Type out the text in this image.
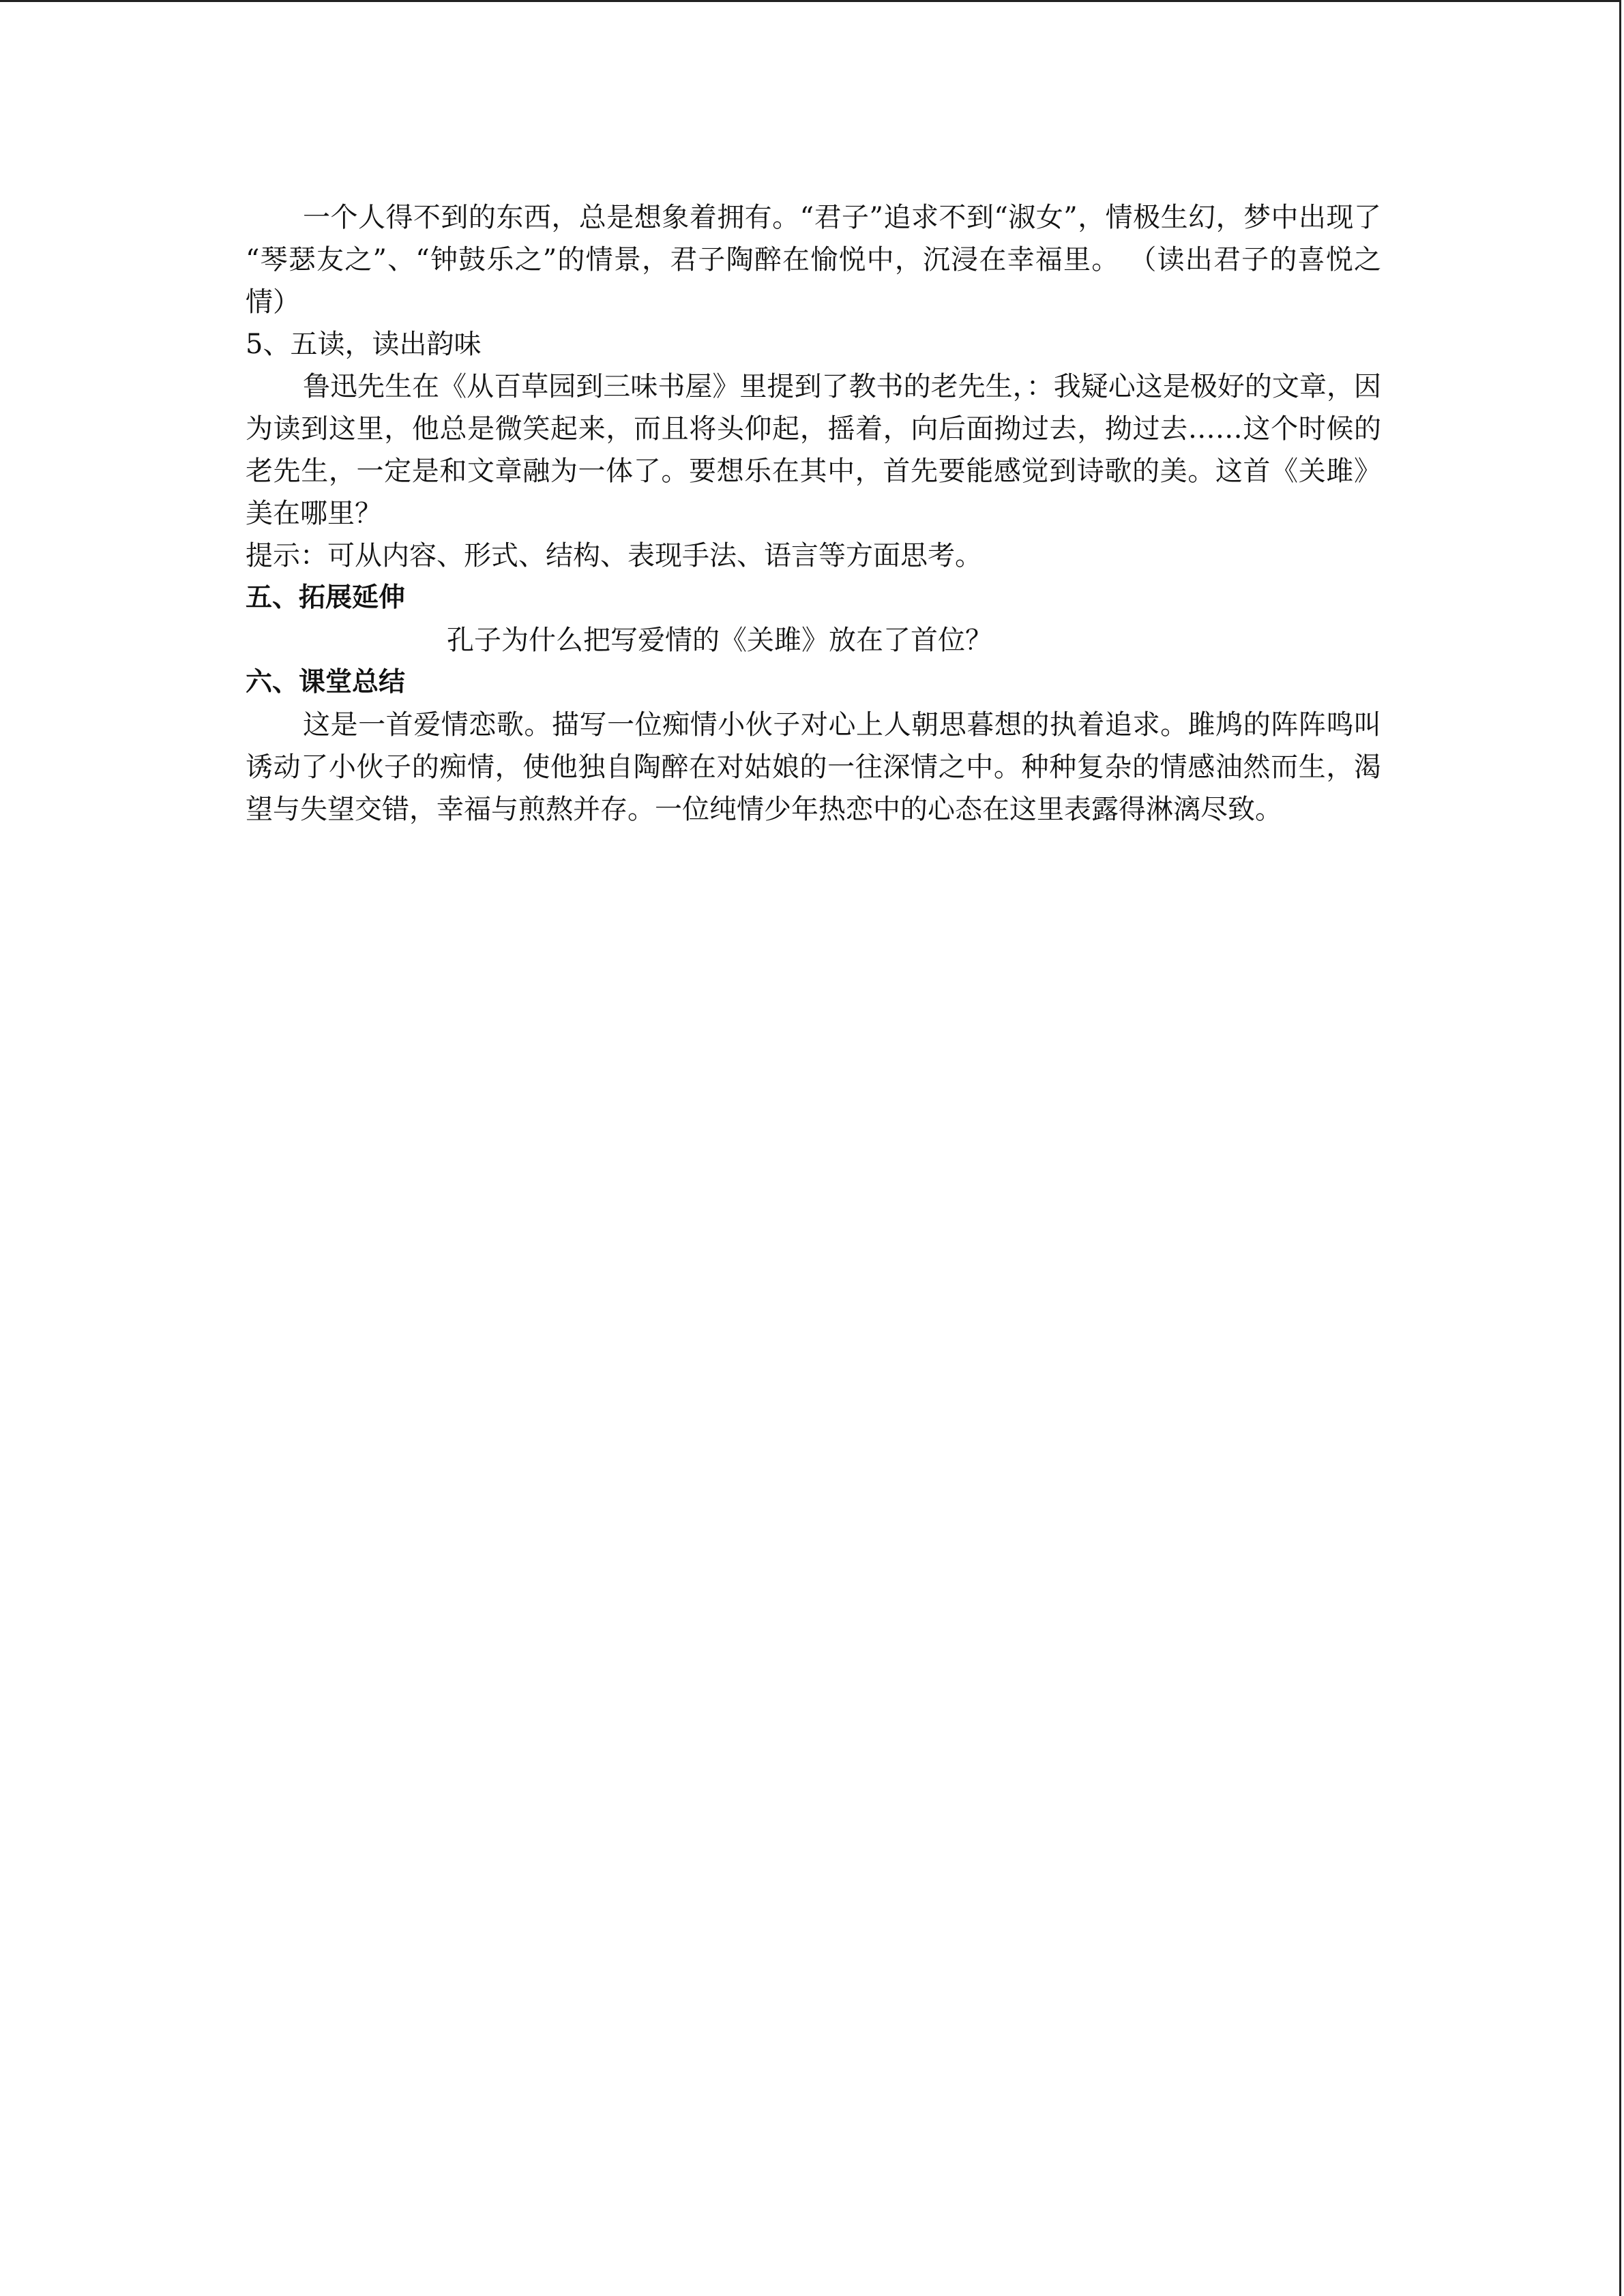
一个人得不到的东西，总是想象着拥有。“君子”追求不到“淑女”，情极生幻，梦中出现了 “琴瑟友之”、“钟鼓乐之”的情景，君子陶醉在愉悦中，沉浸在幸福里。 （读出君子的喜悦之情）

5、五读，读出韵味

鲁迅先生在《从百草园到三味书屋》里提到了教书的老先生，：我疑心这是极好的文章，因为读到这里，他总是微笑起来，而且将头仰起，摇着，向后面拗过去，拗过去……这个时候的老先生，一定是和文章融为一体了。要想乐在其中，首先要能感觉到诗歌的美。这首《关雎》美在哪里？

提示：可从内容、形式、结构、表现手法、语言等方面思考。

五、拓展延伸

孔子为什么把写爱情的《关雎》放在了首位？

六、课堂总结

这是一首爱情恋歌。描写一位痴情小伙子对心上人朝思暮想的执着追求。雎鸠的阵阵鸣叫诱动了小伙子的痴情，使他独自陶醉在对姑娘的一往深情之中。种种复杂的情感油然而生，渴望与失望交错，幸福与煎熬并存。一位纯情少年热恋中的心态在这里表露得淋漓尽致。
